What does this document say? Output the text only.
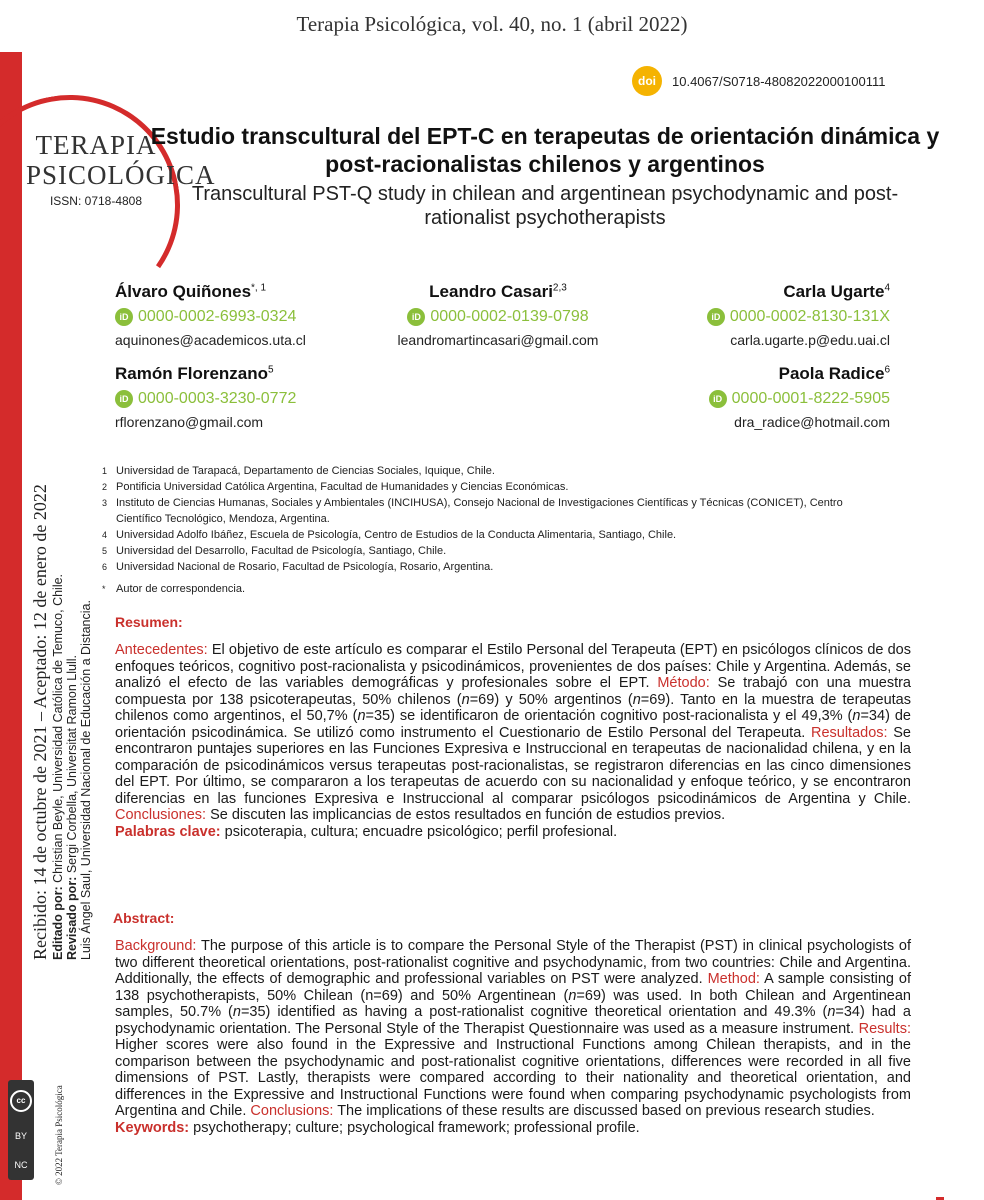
Terapia Psicológica, vol. 40, no. 1 (abril 2022)
TERAPIA
PSICOLÓGICA
ISSN: 0718-4808
doi	10.4067/S0718-48082022000100111
Estudio transcultural del EPT-C en terapeutas de orientación dinámica y post-racionalistas chilenos y argentinos
Transcultural PST-Q study in chilean and argentinean psychodynamic and post-rationalist psychotherapists
Álvaro Quiñones$^{*, 1}$
iD 0000-0002-6993-0324
aquinones@academicos.uta.cl
Leandro Casari$^{2,3}$
iD 0000-0002-0139-0798
leandromartincasari@gmail.com
Carla Ugarte$^4$
iD 0000-0002-8130-131X
carla.ugarte.p@edu.uai.cl
Ramón Florenzano$^5$
iD 0000-0003-3230-0772
rflorenzano@gmail.com
Paola Radice$^6$
iD 0000-0001-8222-5905
dra_radice@hotmail.com
1 Universidad de Tarapacá, Departamento de Ciencias Sociales, Iquique, Chile.
2 Pontificia Universidad Católica Argentina, Facultad de Humanidades y Ciencias Económicas.
3 Instituto de Ciencias Humanas, Sociales y Ambientales (INCIHUSA), Consejo Nacional de Investigaciones Científicas y Técnicas (CONICET), Centro Científico Tecnológico, Mendoza, Argentina.
4 Universidad Adolfo Ibáñez, Escuela de Psicología, Centro de Estudios de la Conducta Alimentaria, Santiago, Chile.
5 Universidad del Desarrollo, Facultad de Psicología, Santiago, Chile.
6 Universidad Nacional de Rosario, Facultad de Psicología, Rosario, Argentina.
* Autor de correspondencia.
Resumen:
Antecedentes: El objetivo de este artículo es comparar el Estilo Personal del Terapeuta (EPT) en psicólogos clínicos de dos enfoques teóricos, cognitivo post-racionalista y psicodinámicos, provenientes de dos países: Chile y Argentina. Además, se analizó el efecto de las variables demográficas y profesionales sobre el EPT. Método: Se trabajó con una muestra compuesta por 138 psicoterapeutas, 50% chilenos (n=69) y 50% argentinos (n=69). Tanto en la muestra de terapeutas chilenos como argentinos, el 50,7% (n=35) se identificaron de orientación cognitivo post-racionalista y el 49,3% (n=34) de orientación psicodinámica. Se utilizó como instrumento el Cuestionario de Estilo Personal del Terapeuta. Resultados: Se encontraron puntajes superiores en las Funciones Expresiva e Instruccional en terapeutas de nacionalidad chilena, y en la comparación de psicodinámicos versus terapeutas post-racionalistas, se registraron diferencias en las cinco dimensiones del EPT. Por último, se compararon a los terapeutas de acuerdo con su nacionalidad y enfoque teórico, y se encontraron diferencias en las funciones Expresiva e Instruccional al comparar psicólogos psicodinámicos de Argentina y Chile. Conclusiones: Se discuten las implicancias de estos resultados en función de estudios previos.
Palabras clave: psicoterapia, cultura; encuadre psicológico; perfil profesional.
Abstract:
Background: The purpose of this article is to compare the Personal Style of the Therapist (PST) in clinical psychologists of two different theoretical orientations, post-rationalist cognitive and psychodynamic, from two countries: Chile and Argentina. Additionally, the effects of demographic and professional variables on PST were analyzed. Method: A sample consisting of 138 psychotherapists, 50% Chilean (n=69) and 50% Argentinean (n=69) was used. In both Chilean and Argentinean samples, 50.7% (n=35) identified as having a post-rationalist cognitive theoretical orientation and 49.3% (n=34) had a psychodynamic orientation. The Personal Style of the Therapist Questionnaire was used as a measure instrument. Results: Higher scores were also found in the Expressive and Instructional Functions among Chilean therapists, and in the comparison between the psychodynamic and post-rationalist cognitive orientations, differences were recorded in all five dimensions of PST. Lastly, therapists were compared according to their nationality and theoretical orientation, and differences in the Expressive and Instructional Functions were found when comparing psychodynamic psychologists from Argentina and Chile. Conclusions: The implications of these results are discussed based on previous research studies.
Keywords: psychotherapy; culture; psychological framework; professional profile.
Recibido: 14 de octubre de 2021 – Aceptado: 12 de enero de 2022 Editado por: Christian Beyle, Universidad Católica de Temuco, Chile.
Revisado por: Sergi Corbella, Universitat Ramon Llull. Luis Ángel Saul, Universidad Nacional de Educación a Distancia.
cc
BY
NC	© 2022 Terapia Psicológica
